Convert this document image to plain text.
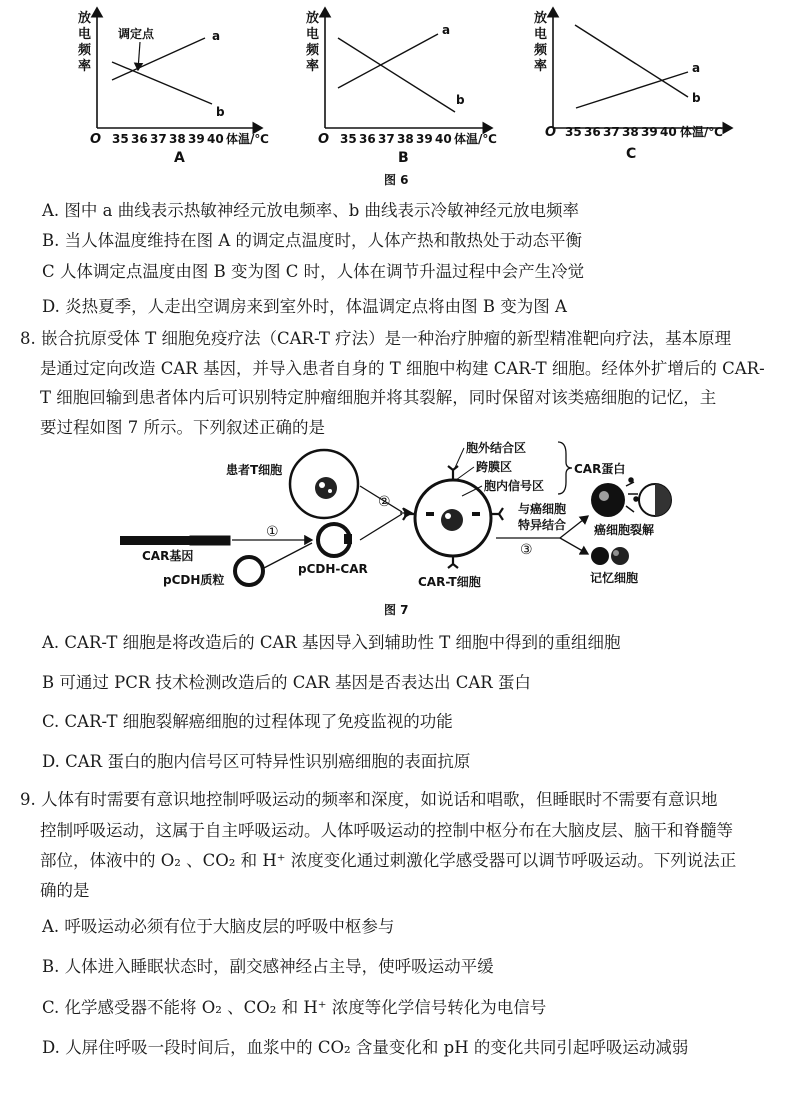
放
电
频
率
O 35 36 37 38 39 40 体温/℃
a
b
调定点
A
放
电
频
率
O 35 36 37 38 39 40 体温/℃
a
b
B
放
电
频
率
O 35 36 37 38 39 40 体温/℃
a
b
C
图 6
A. 图中 a 曲线表示热敏神经元放电频率、b 曲线表示冷敏神经元放电频率
B. 当人体温度维持在图 A 的调定点温度时，人体产热和散热处于动态平衡
C 人体调定点温度由图 B 变为图 C 时，人体在调节升温过程中会产生冷觉
D. 炎热夏季，人走出空调房来到室外时，体温调定点将由图 B 变为图 A
8. 嵌合抗原受体 T 细胞免疫疗法（CAR-T 疗法）是一种治疗肿瘤的新型精准靶向疗法，基本原理
是通过定向改造 CAR 基因，并导入患者自身的 T 细胞中构建 CAR-T 细胞。经体外扩增后的 CAR-
T 细胞回输到患者体内后可识别特定肿瘤细胞并将其裂解，同时保留对该类癌细胞的记忆，主
要过程如图 7 所示。下列叙述正确的是
患者T细胞
CAR基因
pCDH质粒
①
pCDH-CAR
②
CAR-T细胞
胞外结合区
跨膜区
胞内信号区
CAR蛋白
与癌细胞
特异结合
③
癌细胞裂解
记忆细胞
图 7
A. CAR-T 细胞是将改造后的 CAR 基因导入到辅助性 T 细胞中得到的重组细胞
B 可通过 PCR 技术检测改造后的 CAR 基因是否表达出 CAR 蛋白
C. CAR-T 细胞裂解癌细胞的过程体现了免疫监视的功能
D. CAR 蛋白的胞内信号区可特异性识别癌细胞的表面抗原
9. 人体有时需要有意识地控制呼吸运动的频率和深度，如说话和唱歌，但睡眠时不需要有意识地
控制呼吸运动，这属于自主呼吸运动。人体呼吸运动的控制中枢分布在大脑皮层、脑干和脊髓等
部位，体液中的 O₂ 、CO₂ 和 H⁺ 浓度变化通过刺激化学感受器可以调节呼吸运动。下列说法正
确的是
A. 呼吸运动必须有位于大脑皮层的呼吸中枢参与
B. 人体进入睡眠状态时，副交感神经占主导，使呼吸运动平缓
C. 化学感受器不能将 O₂ 、CO₂ 和 H⁺ 浓度等化学信号转化为电信号
D. 人屏住呼吸一段时间后，血浆中的 CO₂ 含量变化和 pH 的变化共同引起呼吸运动减弱
